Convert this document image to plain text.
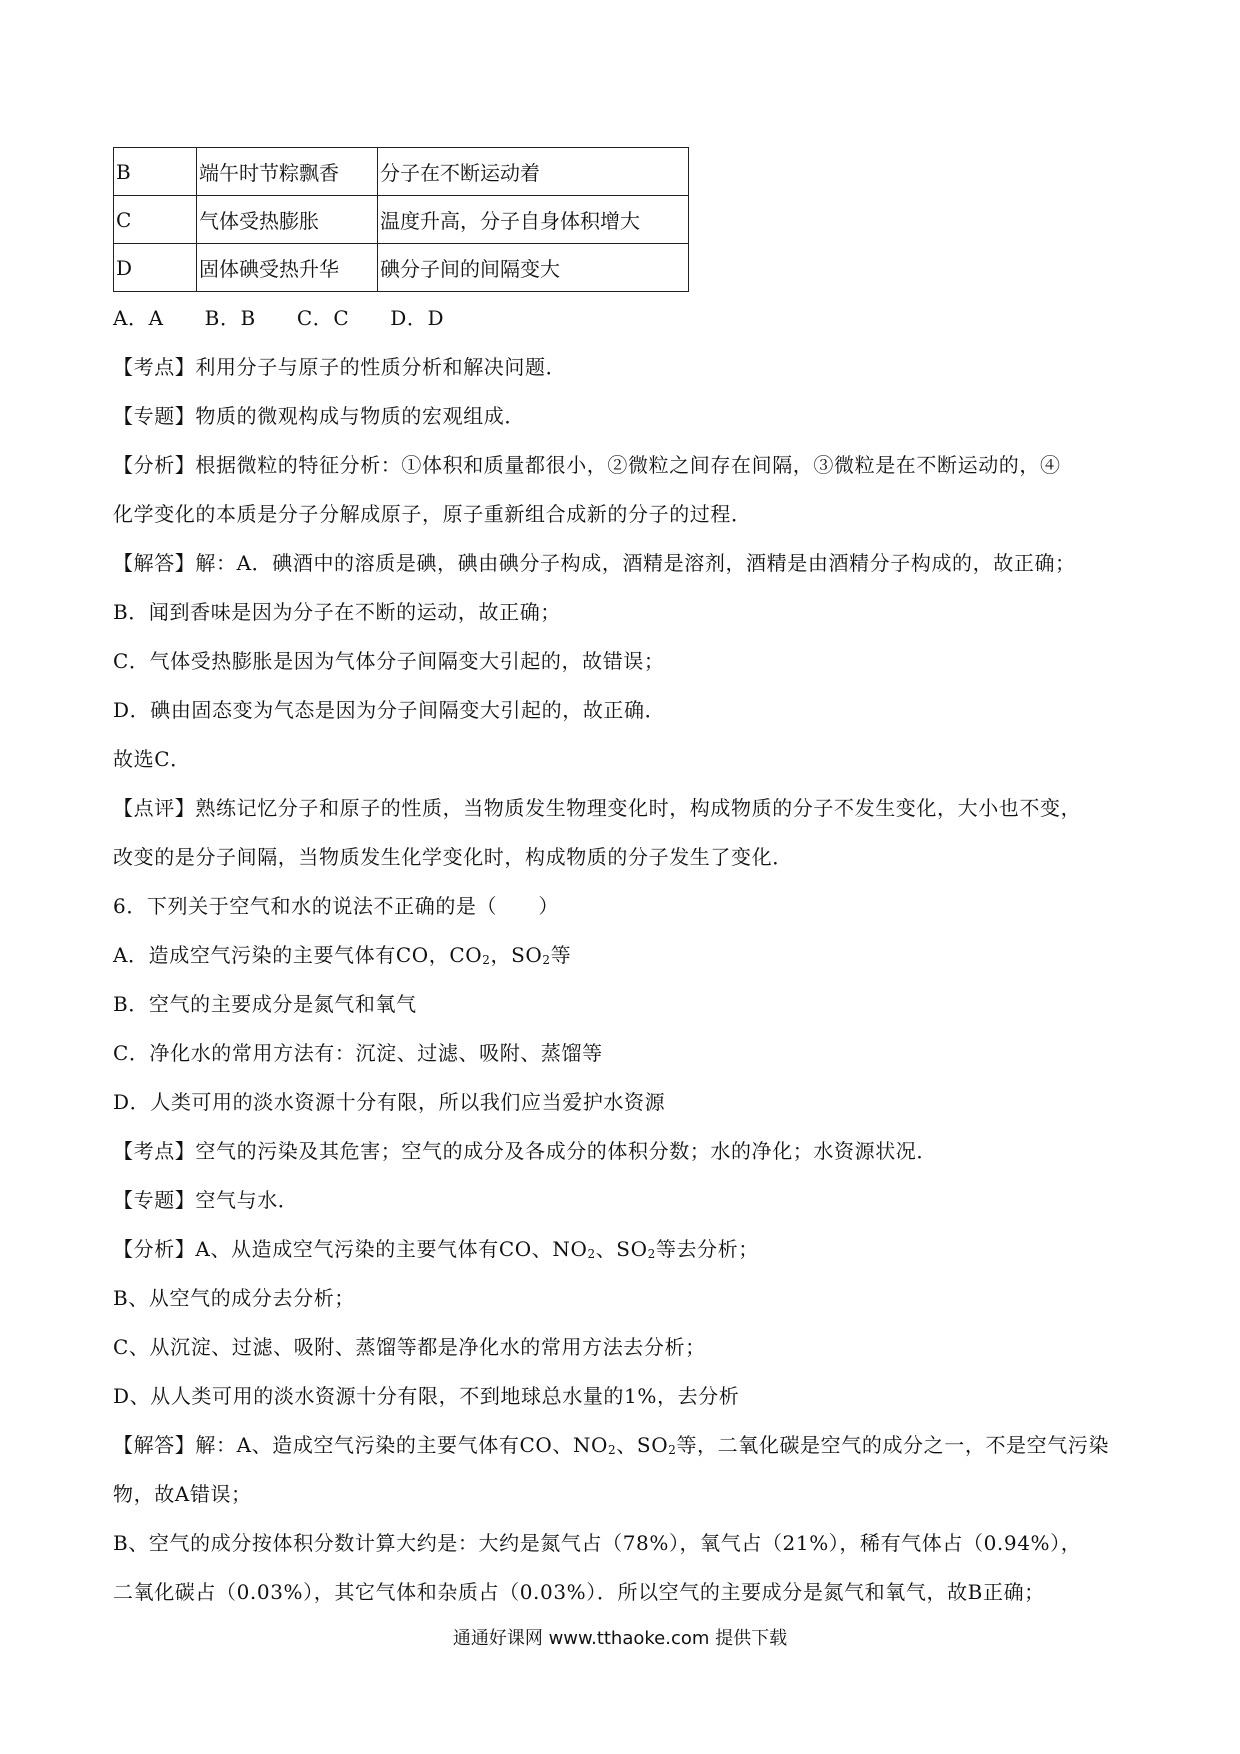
B	端午时节粽飘香	分子在不断运动着
C	气体受热膨胀	温度升高，分子自身体积增大
D	固体碘受热升华	碘分子间的间隔变大
A．A B．B C．C D．D
【考点】利用分子与原子的性质分析和解决问题．
【专题】物质的微观构成与物质的宏观组成．
【分析】根据微粒的特征分析：①体积和质量都很小，②微粒之间存在间隔，③微粒是在不断运动的，④
化学变化的本质是分子分解成原子，原子重新组合成新的分子的过程．
【解答】解：A．碘酒中的溶质是碘，碘由碘分子构成，酒精是溶剂，酒精是由酒精分子构成的，故正确；
B．闻到香味是因为分子在不断的运动，故正确；
C．气体受热膨胀是因为气体分子间隔变大引起的，故错误；
D．碘由固态变为气态是因为分子间隔变大引起的，故正确．
故选C．
【点评】熟练记忆分子和原子的性质，当物质发生物理变化时，构成物质的分子不发生变化，大小也不变，
改变的是分子间隔，当物质发生化学变化时，构成物质的分子发生了变化．
6．下列关于空气和水的说法不正确的是（　　）
A．造成空气污染的主要气体有CO，$CO_2$，$SO_2$等
B．空气的主要成分是氮气和氧气
C．净化水的常用方法有：沉淀、过滤、吸附、蒸馏等
D．人类可用的淡水资源十分有限，所以我们应当爱护水资源
【考点】空气的污染及其危害；空气的成分及各成分的体积分数；水的净化；水资源状况．
【专题】空气与水．
【分析】A、从造成空气污染的主要气体有CO、$NO_2$、$SO_2$等去分析；
B、从空气的成分去分析；
C、从沉淀、过滤、吸附、蒸馏等都是净化水的常用方法去分析；
D、从人类可用的淡水资源十分有限，不到地球总水量的1%，去分析
【解答】解：A、造成空气污染的主要气体有CO、$NO_2$、$SO_2$等，二氧化碳是空气的成分之一，不是空气污染
物，故A错误；
B、空气的成分按体积分数计算大约是：大约是氮气占（78%），氧气占（21%），稀有气体占（0.94%），
二氧化碳占（0.03%），其它气体和杂质占（0.03%）．所以空气的主要成分是氮气和氧气，故B正确；
通通好课网 www.tthaoke.com 提供下载
